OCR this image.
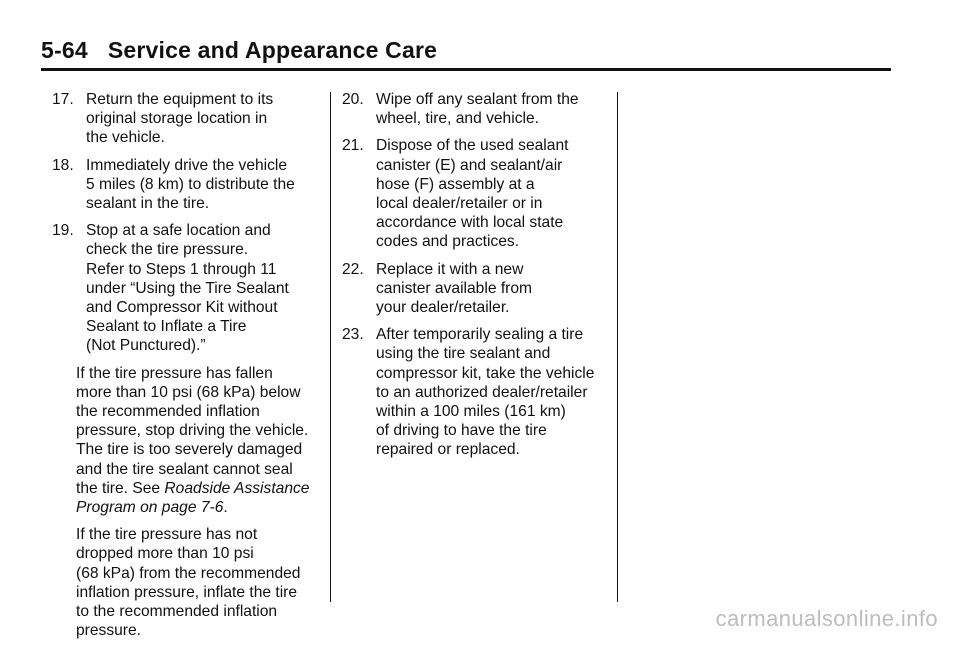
5-64 Service and Appearance Care
17. Return the equipment to its
original storage location in
the vehicle.
18. Immediately drive the vehicle
5 miles (8 km) to distribute the
sealant in the tire.
19. Stop at a safe location and
check the tire pressure.
Refer to Steps 1 through 11
under “Using the Tire Sealant
and Compressor Kit without
Sealant to Inflate a Tire
(Not Punctured).”

If the tire pressure has fallen
more than 10 psi (68 kPa) below
the recommended inflation
pressure, stop driving the vehicle.
The tire is too severely damaged
and the tire sealant cannot seal
the tire. See Roadside Assistance
Program on page 7‑6.

If the tire pressure has not
dropped more than 10 psi
(68 kPa) from the recommended
inflation pressure, inflate the tire
to the recommended inflation
pressure.

20. Wipe off any sealant from the
wheel, tire, and vehicle.
21. Dispose of the used sealant
canister (E) and sealant/air
hose (F) assembly at a
local dealer/retailer or in
accordance with local state
codes and practices.
22. Replace it with a new
canister available from
your dealer/retailer.
23. After temporarily sealing a tire
using the tire sealant and
compressor kit, take the vehicle
to an authorized dealer/retailer
within a 100 miles (161 km)
of driving to have the tire
repaired or replaced.
carmanualsonline.info
